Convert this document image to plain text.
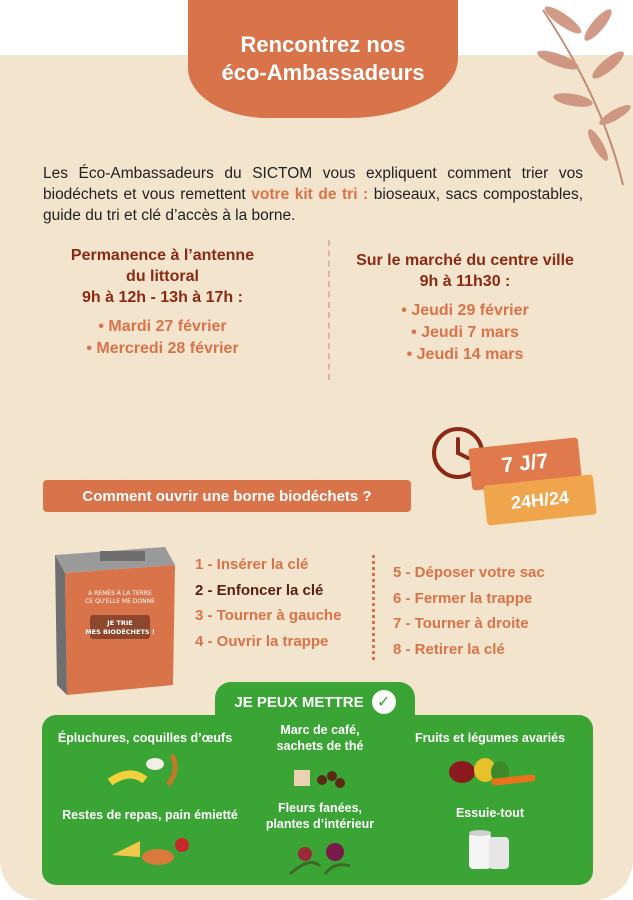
Rencontrez nos
éco-Ambassadeurs
Les Éco-Ambassadeurs du SICTOM vous expliquent comment trier vos biodéchets et vous remettent votre kit de tri : bioseaux, sacs compostables, guide du tri et clé d’accès à la borne.
Permanence à l’antenne
du littoral
9h à 12h - 13h à 17h :
• Mardi 27 février
• Mercredi 28 février
Sur le marché du centre ville
9h à 11h30 :
• Jeudi 29 février
• Jeudi 7 mars
• Jeudi 14 mars
7 J/7
24H/24
Comment ouvrir une borne biodéchets ?
A REMÈS À LA TERRE
CE QU'ELLE ME DONNE
JE TRIE
MES BIODÉCHETS !
1 - Insérer la clé
2 - Enfoncer la clé
3 - Tourner à gauche
4 - Ouvrir la trappe
5 - Déposer votre sac
6 - Fermer la trappe
7 - Tourner à droite
8 - Retirer la clé
JE PEUX METTRE ✓
Épluchures, coquilles d’œufs
Marc de café,
sachets de thé
Fruits et légumes avariés
Restes de repas, pain émietté	Fleurs fanées,
plantes d’intérieur
Essuie-tout
